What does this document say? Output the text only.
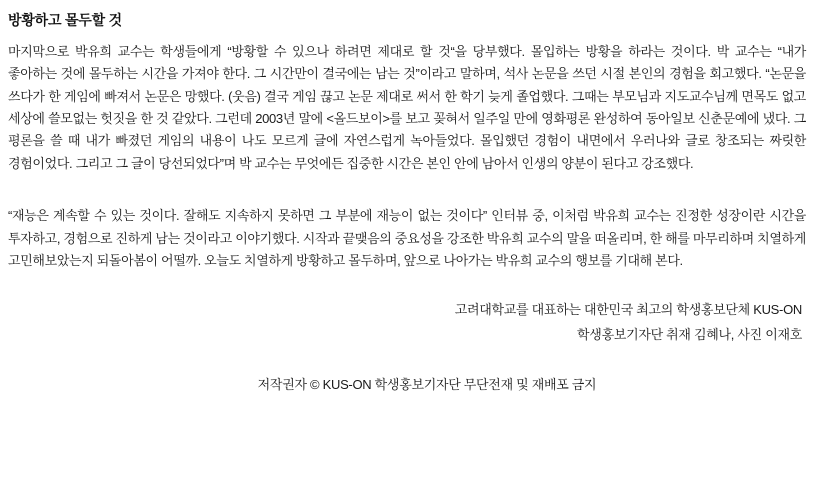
방황하고 몰두할 것

마지막으로 박유희 교수는 학생들에게 “방황할 수 있으나 하려면 제대로 할 것“을 당부했다. 몰입하는 방황을 하라는 것이다. 박 교수는 “내가 좋아하는 것에 몰두하는 시간을 가져야 한다. 그 시간만이 결국에는 남는 것”이라고 말하며, 석사 논문을 쓰던 시절 본인의 경험을 회고했다. “논문을 쓰다가 한 게임에 빠져서 논문은 망했다. (웃음) 결국 게임 끊고 논문 제대로 써서 한 학기 늦게 졸업했다. 그때는 부모님과 지도교수님께 면목도 없고 세상에 쓸모없는 헛짓을 한 것 같았다. 그런데 2003년 말에 <올드보이>를 보고 꽂혀서 일주일 만에 영화평론 완성하여 동아일보 신춘문예에 냈다. 그 평론을 쓸 때 내가 빠졌던 게임의 내용이 나도 모르게 글에 자연스럽게 녹아들었다. 몰입했던 경험이 내면에서 우러나와 글로 창조되는 짜릿한 경험이었다. 그리고 그 글이 당선되었다”며 박 교수는 무엇에든 집중한 시간은 본인 안에 남아서 인생의 양분이 된다고 강조했다.

“재능은 계속할 수 있는 것이다. 잘해도 지속하지 못하면 그 부분에 재능이 없는 것이다” 인터뷰 중, 이처럼 박유희 교수는 진정한 성장이란 시간을 투자하고, 경험으로 진하게 남는 것이라고 이야기했다. 시작과 끝맺음의 중요성을 강조한 박유희 교수의 말을 떠올리며, 한 해를 마무리하며 치열하게 고민해보았는지 되돌아봄이 어떨까. 오늘도 치열하게 방황하고 몰두하며, 앞으로 나아가는 박유희 교수의 행보를 기대해 본다.

고려대학교를 대표하는 대한민국 최고의 학생홍보단체 KUS-ON
학생홍보기자단 취재 김혜나, 사진 이재호
저작권자 © KUS-ON 학생홍보기자단 무단전재 및 재배포 금지
